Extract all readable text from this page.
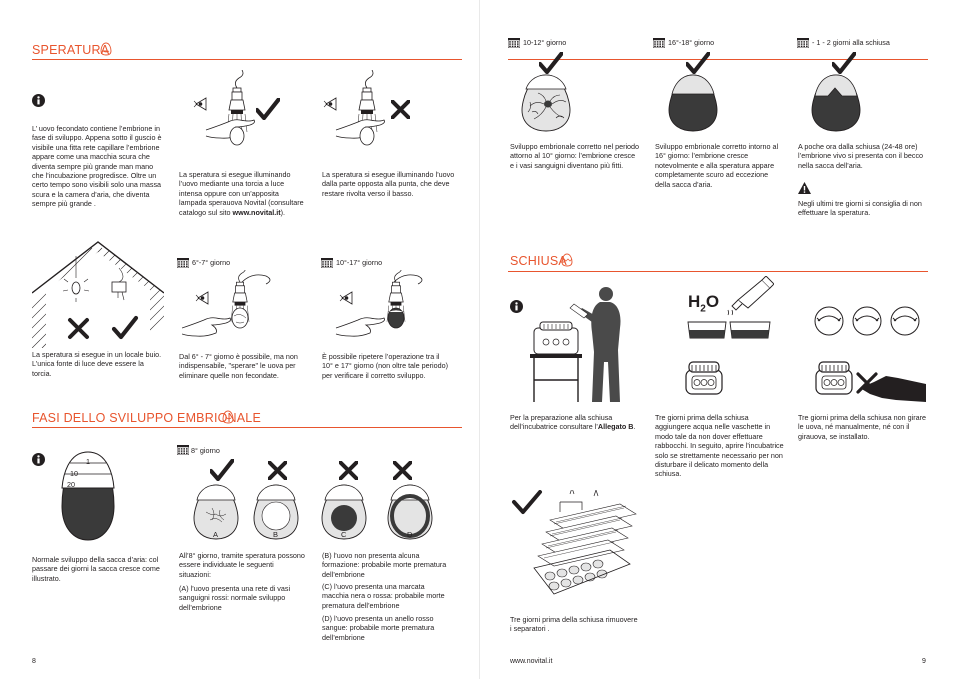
SPERATURA
L’ uovo fecondato contiene l’embrione in fase di sviluppo. Appena sotto il guscio è visibile una fitta rete capillare l’embrione appare come una macchia scura che diventa sempre più grande man mano che l’incubazione progredisce. Oltre un certo tempo sono visibili solo una massa scura e la camera d’aria, che diventa sempre più grande .
La speratura si esegue illuminando l’uovo mediante una torcia a luce intensa oppure con un’apposita lampada sperauova Novital (consultare catalogo sul sito www.novital.it).
La speratura si esegue illuminando l’uovo dalla parte opposta alla punta, che deve restare rivolta verso il basso.
6°-7° giorno	10°-17° giorno
La speratura si esegue in un locale buio. L’unica fonte di luce deve essere la torcia.
Dal 6° - 7° giorno è possibile, ma non indispensabile, "sperare" le uova per eliminare quelle non fecondate.
È possibile ripetere l’operazione tra il 10° e 17° giorno (non oltre tale periodo) per verificare il corretto sviluppo.
FASI DELLO SVILUPPO EMBRIONALE
1
10
20
8° giorno
A	B	C	D
Normale sviluppo della sacca d’aria: col passare dei giorni la sacca cresce come illustrato.
All’8° giorno, tramite speratura possono essere individuate le seguenti situazioni:
(A) l’uovo presenta una rete di vasi sanguigni rossi: normale sviluppo dell’embrione
(B) l’uovo non presenta alcuna formazione: probabile morte prematura dell’embrione
(C) l’uovo presenta una marcata macchia nera o rossa: probabile morte prematura dell’embrione
(D) l’uovo presenta un anello rosso sangue: probabile morte prematura dell’embrione
8
10-12° giorno	16°-18° giorno	- 1 - 2 giorni alla schiusa
Sviluppo embrionale corretto nel periodo attorno al 10° giorno: l’embrione cresce e i vasi sanguigni diventano più fitti.
Sviluppo embrionale corretto intorno al 16° giorno: l’embrione cresce notevolmente e alla speratura appare completamente scuro ad eccezione della sacca d’aria.
A poche ora dalla schiusa (24-48 ore) l’embrione vivo si presenta con il becco nella sacca dell’aria.
Negli ultimi tre giorni si consiglia di non effettuare la speratura.
SCHIUSA
$H_2O$
Per la preparazione alla schiusa dell’incubatrice consultare l’Allegato B.
Tre giorni prima della schiusa aggiungere acqua nelle vaschette in modo tale da non dover effettuare rabbocchi. In seguito, aprire l’incubatrice solo se strettamente necessario per non disturbare il delicato momento della schiusa.
Tre giorni prima della schiusa non girare le uova, né manualmente, né con il girauova, se installato.
Tre giorni prima della schiusa rimuovere i separatori .
www.novital.it	9
